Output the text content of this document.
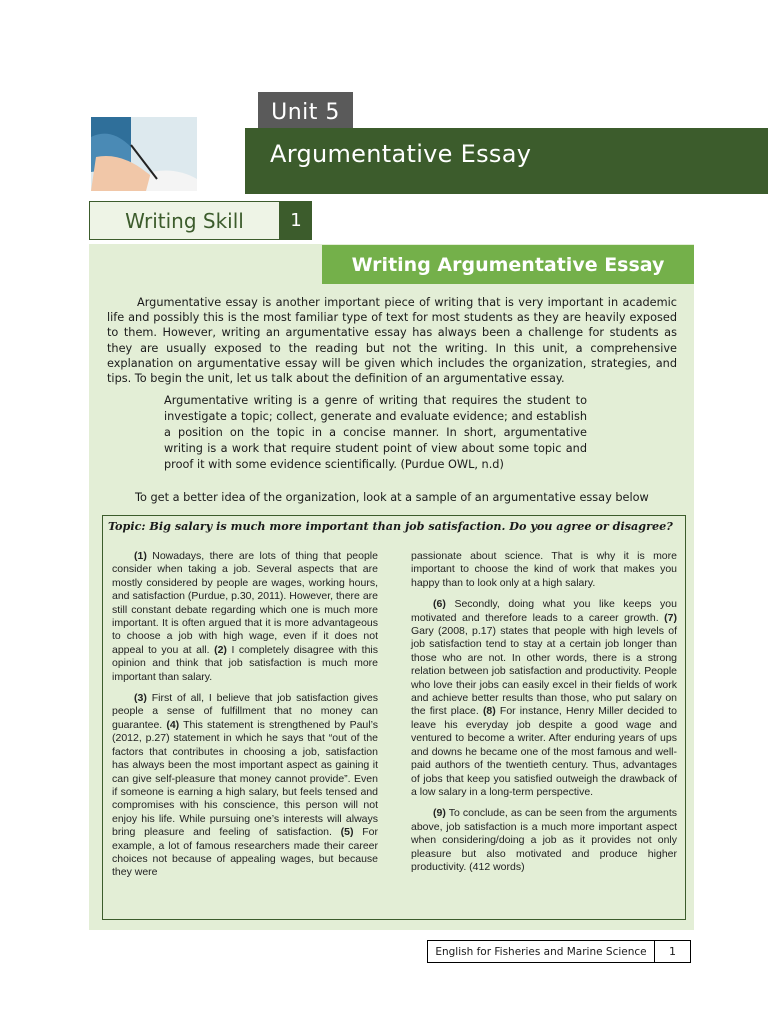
Unit 5
Argumentative Essay
Writing Skill	1
Writing Argumentative Essay

Argumentative essay is another important piece of writing that is very important in academic life and possibly this is the most familiar type of text for most students as they are heavily exposed to them. However, writing an argumentative essay has always been a challenge for students as they are usually exposed to the reading but not the writing. In this unit, a comprehensive explanation on argumentative essay will be given which includes the organization, strategies, and tips. To begin the unit, let us talk about the definition of an argumentative essay.

Argumentative writing is a genre of writing that requires the student to investigate a topic; collect, generate and evaluate evidence; and establish a position on the topic in a concise manner. In short, argumentative writing is a work that require student point of view about some topic and proof it with some evidence scientifically. (Purdue OWL, n.d)

To get a better idea of the organization, look at a sample of an argumentative essay below

Topic: Big salary is much more important than job satisfaction. Do you agree or disagree?

(1) Nowadays, there are lots of thing that people consider when taking a job. Several aspects that are mostly considered by people are wages, working hours, and satisfaction (Purdue, p.30, 2011). However, there are still constant debate regarding which one is much more important. It is often argued that it is more advantageous to choose a job with high wage, even if it does not appeal to you at all. (2) I completely disagree with this opinion and think that job satisfaction is much more important than salary.

(3) First of all, I believe that job satisfaction gives people a sense of fulfillment that no money can guarantee. (4) This statement is strengthened by Paul’s (2012, p.27) statement in which he says that “out of the factors that contributes in choosing a job, satisfaction has always been the most important aspect as gaining it can give self-pleasure that money cannot provide”. Even if someone is earning a high salary, but feels tensed and compromises with his conscience, this person will not enjoy his life. While pursuing one’s interests will always bring pleasure and feeling of satisfaction. (5) For example, a lot of famous researchers made their career choices not because of appealing wages, but because they were

passionate about science. That is why it is more important to choose the kind of work that makes you happy than to look only at a high salary.

(6) Secondly, doing what you like keeps you motivated and therefore leads to a career growth. (7) Gary (2008, p.17) states that people with high levels of job satisfaction tend to stay at a certain job longer than those who are not. In other words, there is a strong relation between job satisfaction and productivity. People who love their jobs can easily excel in their fields of work and achieve better results than those, who put salary on the first place. (8) For instance, Henry Miller decided to leave his everyday job despite a good wage and ventured to become a writer. After enduring years of ups and downs he became one of the most famous and well-paid authors of the twentieth century. Thus, advantages of jobs that keep you satisfied outweigh the drawback of a low salary in a long-term perspective.

(9) To conclude, as can be seen from the arguments above, job satisfaction is a much more important aspect when considering/doing a job as it provides not only pleasure but also motivated and produce higher productivity. (412 words)

English for Fisheries and Marine Science	1
